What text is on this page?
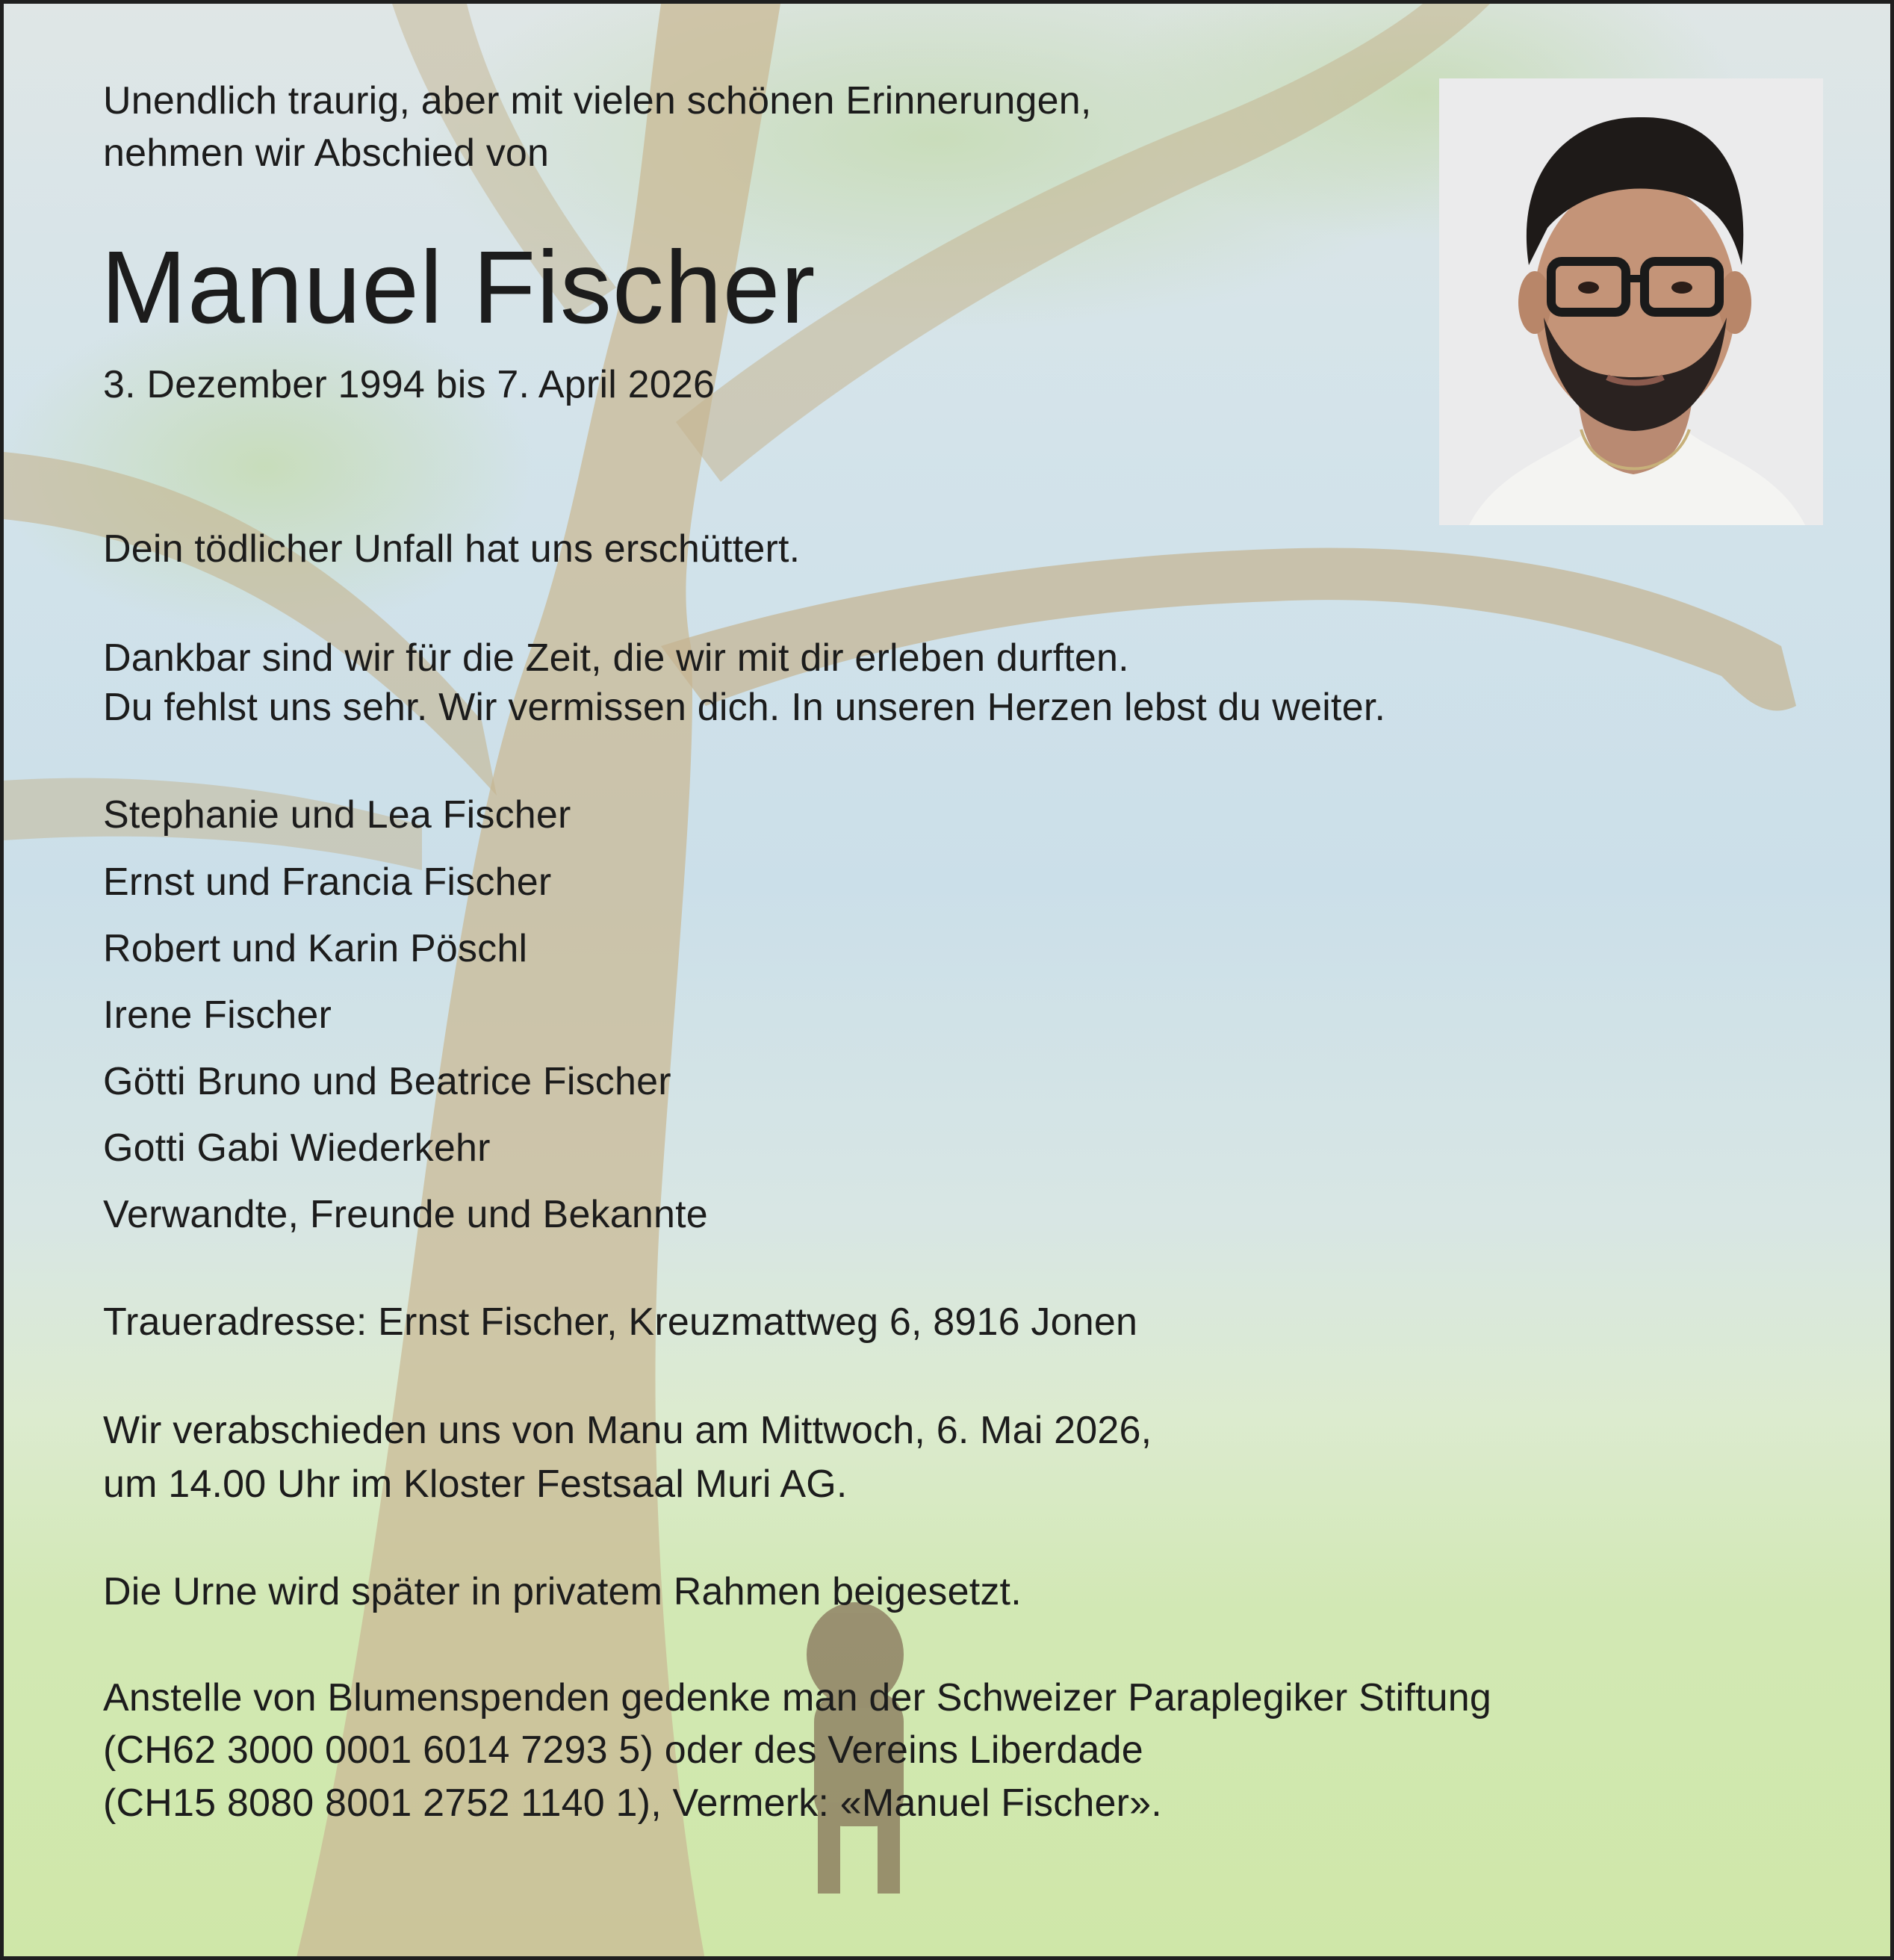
Unendlich traurig, aber mit vielen schönen Erinnerungen,

nehmen wir Abschied von

Manuel Fischer

3. Dezember 1994 bis 7. April 2026

Dein tödlicher Unfall hat uns erschüttert.

Dankbar sind wir für die Zeit, die wir mit dir erleben durften.

Du fehlst uns sehr. Wir vermissen dich. In unseren Herzen lebst du weiter.

Stephanie und Lea Fischer

Ernst und Francia Fischer

Robert und Karin Pöschl

Irene Fischer

Götti Bruno und Beatrice Fischer

Gotti Gabi Wiederkehr

Verwandte, Freunde und Bekannte

Traueradresse: Ernst Fischer, Kreuzmattweg 6, 8916 Jonen

Wir verabschieden uns von Manu am Mittwoch, 6. Mai 2026,

um 14.00 Uhr im Kloster Festsaal Muri AG.

Die Urne wird später in privatem Rahmen beigesetzt.

Anstelle von Blumenspenden gedenke man der Schweizer Paraplegiker Stiftung

(CH62 3000 0001 6014 7293 5) oder des Vereins Liberdade

(CH15 8080 8001 2752 1140 1), Vermerk: «Manuel Fischer».
